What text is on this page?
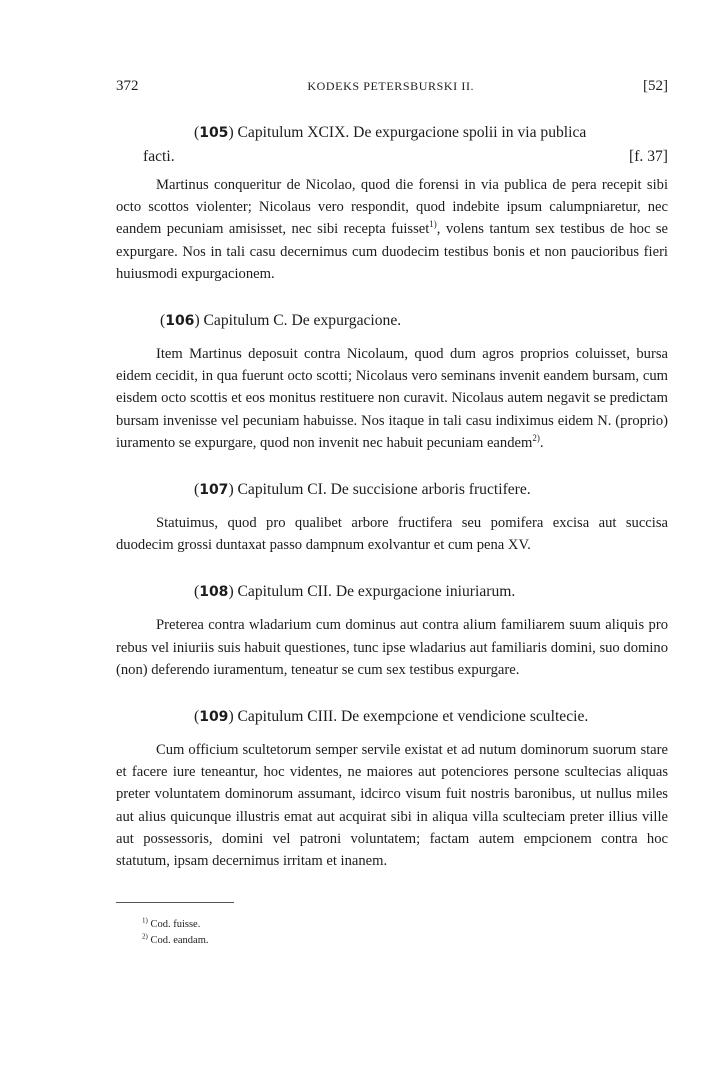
372	KODEKS PETERSBURSKI II.	[52]
(105) Capitulum XCIX. De expurgacione spolii in via publica
facti.	[f. 37]

Martinus conqueritur de Nicolao, quod die forensi in via publica de pera recepit sibi octo scottos violenter; Nicolaus vero respondit, quod indebite ipsum calumpniaretur, nec eandem pecuniam amisisset, nec sibi recepta fuisset$^{1)}$, volens tantum sex testibus de hoc se expurgare. Nos in tali casu decernimus cum duodecim testibus bonis et non paucioribus fieri huiusmodi expurgacionem.

(106) Capitulum C. De expurgacione.

Item Martinus deposuit contra Nicolaum, quod dum agros proprios coluisset, bursa eidem cecidit, in qua fuerunt octo scotti; Nicolaus vero seminans invenit eandem bursam, cum eisdem octo scottis et eos monitus restituere non curavit. Nicolaus autem negavit se predictam bursam invenisse vel pecuniam habuisse. Nos itaque in tali casu indiximus eidem N. (proprio) iuramento se expurgare, quod non invenit nec habuit pecuniam eandem$^{2)}$.

(107) Capitulum CI. De succisione arboris fructifere.

Statuimus, quod pro qualibet arbore fructifera seu pomifera excisa aut succisa duodecim grossi duntaxat passo dampnum exolvantur et cum pena XV.

(108) Capitulum CII. De expurgacione iniuriarum.

Preterea contra wladarium cum dominus aut contra alium familiarem suum aliquis pro rebus vel iniuriis suis habuit questiones, tunc ipse wladarius aut familiaris domini, suo domino (non) deferendo iuramentum, teneatur se cum sex testibus expurgare.

(109) Capitulum CIII. De exempcione et vendicione scultecie.

Cum officium scultetorum semper servile existat et ad nutum dominorum suorum stare et facere iure teneantur, hoc videntes, ne maiores aut potenciores persone scultecias aliquas preter voluntatem dominorum assumant, idcirco visum fuit nostris baronibus, ut nullus miles aut alius quicunque illustris emat aut acquirat sibi in aliqua villa sculteciam preter illius ville aut possessoris, domini vel patroni voluntatem; factam autem empcionem contra hoc statutum, ipsam decernimus irritam et inanem.

$^{1)}$ Cod. fuisse.
$^{2)}$ Cod. eandam.
